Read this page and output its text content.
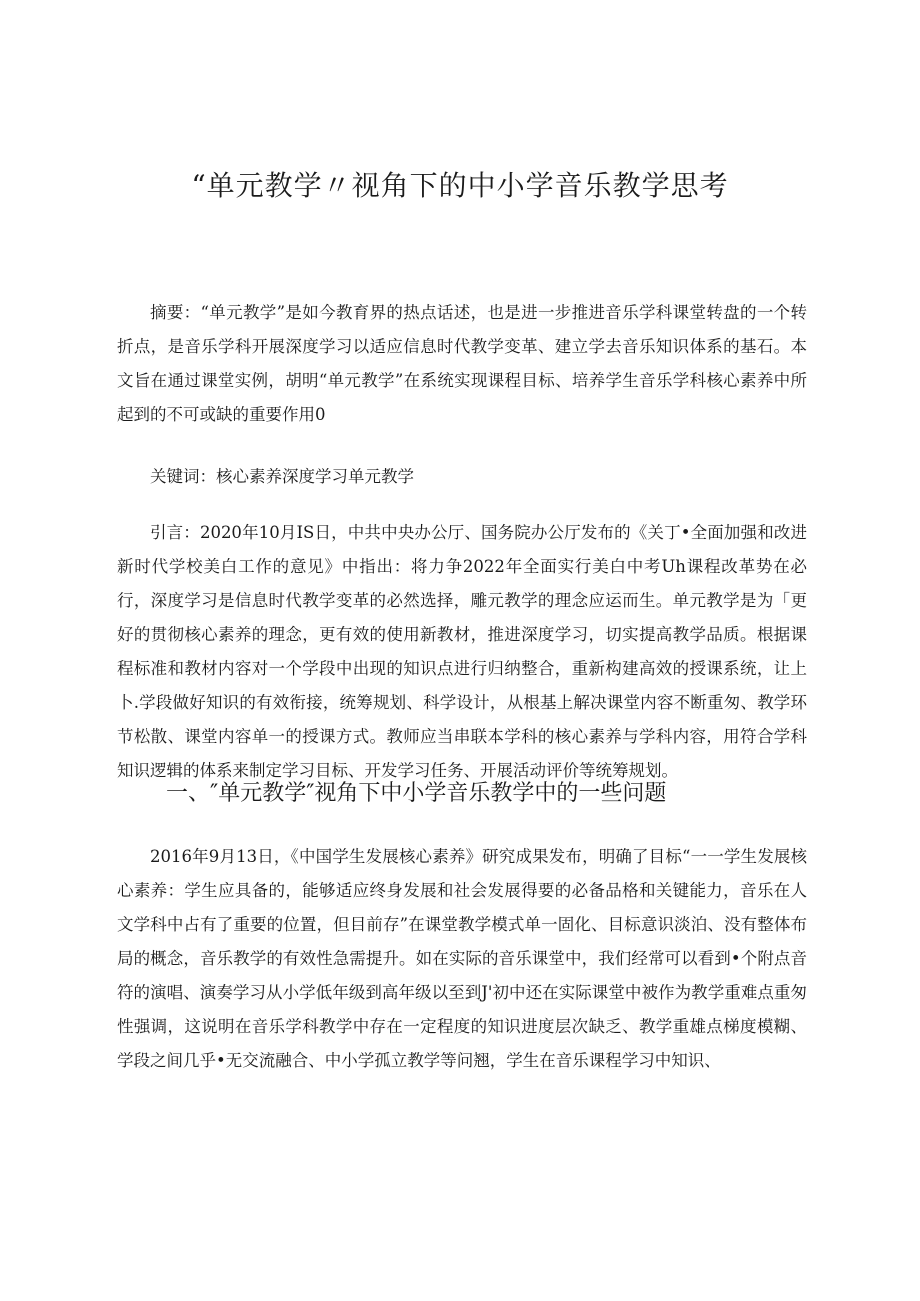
“单元教学〃视角下的中小学音乐教学思考

摘要：“单元教学”是如今教育界的热点话述，也是进一步推进音乐学科课堂转盘的一个转折点，是音乐学科开展深度学习以适应信息时代教学变革、建立学去音乐知识体系的基石。本文旨在通过课堂实例，胡明“单元教学”在系统实现课程目标、培养学生音乐学科核心素养中所起到的不可或缺的重要作用0

关键词：核心素养深度学习单元教学

引言：2020年10月IS日，中共中央办公厅、国务院办公厅发布的《关丁•全面加强和改进新时代学校美白工作的意见》中指出：将力争2022年全面实行美白中考Uh课程改革势在必行，深度学习是信息时代教学变革的必然选择，雕元教学的理念应运而生。单元教学是为「更好的贯彻核心素养的理念，更有效的使用新教材，推进深度学习，切实提高教学品质。根据课程标准和教材内容对一个学段中出现的知识点进行归纳整合，重新构建高效的授课系统，让上卜.学段做好知识的有效衔接，统筹规划、科学设计，从根基上解决课堂内容不断重匆、教学环节松散、课堂内容单一的授课方式。教师应当串联本学科的核心素养与学科内容，用符合学科知识逻辑的体系来制定学习目标、开发学习任务、开展活动评价等统筹规划。

一、″单元教学″视角下中小学音乐教学中的一些问题

2016年9月13日，《中国学生发展核心素养》研究成果发布，明确了目标“一一学生发展核心素养：学生应具备的，能够适应终身发展和社会发展得要的必备品格和关键能力，音乐在人文学科中占有了重要的位置，但目前存”在课堂教学模式单一固化、目标意识淡泊、没有整体布局的概念，音乐教学的有效性急需提升。如在实际的音乐课堂中，我们经常可以看到•个附点音符的演唱、演奏学习从小学低年级到高年级以至到J'初中还在实际课堂中被作为教学重难点重匆性强调，这说明在音乐学科教学中存在一定程度的知识进度层次缺乏、教学重雄点梯度模糊、学段之间几乎•无交流融合、中小学孤立教学等问翘，学生在音乐课程学习中知识、
